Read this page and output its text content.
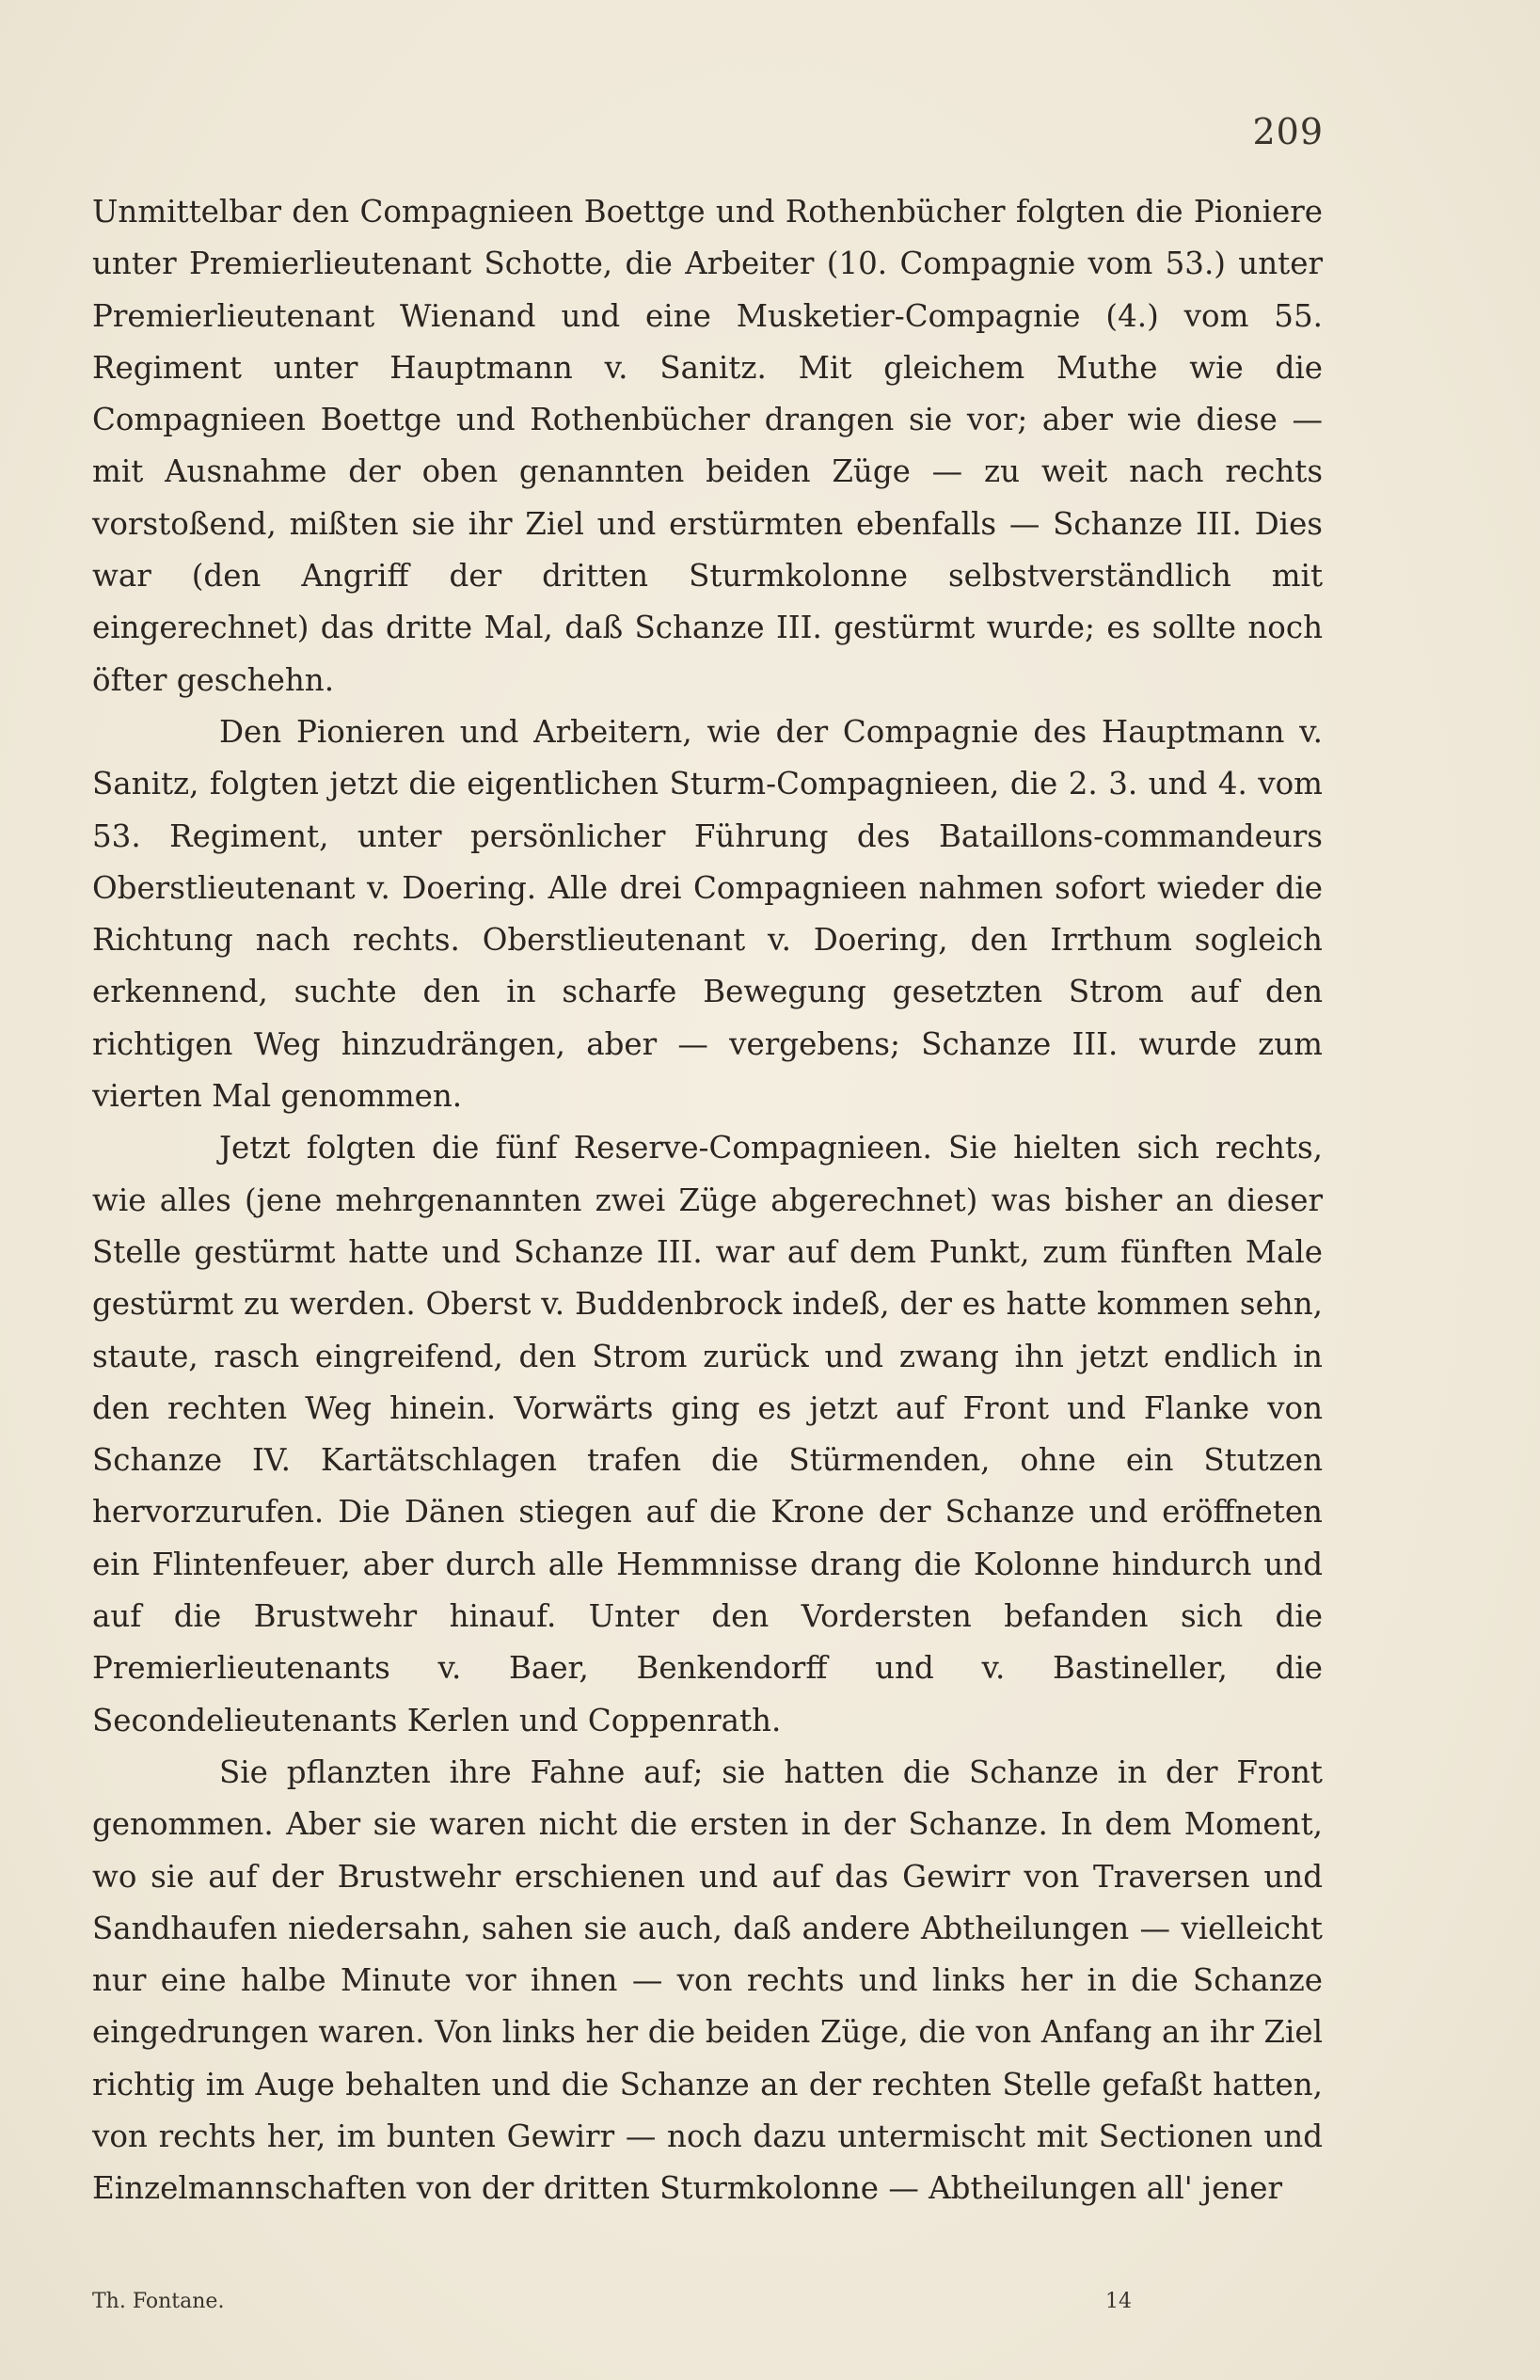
209

Unmittelbar den Compagnieen Boettge und Rothenbücher folgten die Pioniere unter Premierlieutenant Schotte, die Arbeiter (10. Compagnie vom 53.) unter Premierlieutenant Wienand und eine Musketier-Compagnie (4.) vom 55. Regiment unter Hauptmann v. Sanitz. Mit gleichem Muthe wie die Compagnieen Boettge und Rothenbücher drangen sie vor; aber wie diese — mit Ausnahme der oben genannten beiden Züge — zu weit nach rechts vorstoßend, mißten sie ihr Ziel und erstürmten ebenfalls — Schanze III. Dies war (den Angriff der dritten Sturmkolonne selbstverständlich mit eingerechnet) das dritte Mal, daß Schanze III. gestürmt wurde; es sollte noch öfter geschehn.

Den Pionieren und Arbeitern, wie der Compagnie des Hauptmann v. Sanitz, folgten jetzt die eigentlichen Sturm-Compagnieen, die 2. 3. und 4. vom 53. Regiment, unter persönlicher Führung des Bataillons-commandeurs Oberstlieutenant v. Doering. Alle drei Compagnieen nahmen sofort wieder die Richtung nach rechts. Oberstlieutenant v. Doering, den Irrthum sogleich erkennend, suchte den in scharfe Bewegung gesetzten Strom auf den richtigen Weg hinzudrängen, aber — vergebens; Schanze III. wurde zum vierten Mal genommen.

Jetzt folgten die fünf Reserve-Compagnieen. Sie hielten sich rechts, wie alles (jene mehrgenannten zwei Züge abgerechnet) was bisher an dieser Stelle gestürmt hatte und Schanze III. war auf dem Punkt, zum fünften Male gestürmt zu werden. Oberst v. Buddenbrock indeß, der es hatte kommen sehn, staute, rasch eingreifend, den Strom zurück und zwang ihn jetzt endlich in den rechten Weg hinein. Vorwärts ging es jetzt auf Front und Flanke von Schanze IV. Kartätschlagen trafen die Stürmenden, ohne ein Stutzen hervorzurufen. Die Dänen stiegen auf die Krone der Schanze und eröffneten ein Flintenfeuer, aber durch alle Hemmnisse drang die Kolonne hindurch und auf die Brustwehr hinauf. Unter den Vordersten befanden sich die Premierlieutenants v. Baer, Benkendorff und v. Bastineller, die Secondelieutenants Kerlen und Coppenrath.

Sie pflanzten ihre Fahne auf; sie hatten die Schanze in der Front genommen. Aber sie waren nicht die ersten in der Schanze. In dem Moment, wo sie auf der Brustwehr erschienen und auf das Gewirr von Traversen und Sandhaufen niedersahn, sahen sie auch, daß andere Abtheilungen — vielleicht nur eine halbe Minute vor ihnen — von rechts und links her in die Schanze eingedrungen waren. Von links her die beiden Züge, die von Anfang an ihr Ziel richtig im Auge behalten und die Schanze an der rechten Stelle gefaßt hatten, von rechts her, im bunten Gewirr — noch dazu untermischt mit Sectionen und Einzelmannschaften von der dritten Sturmkolonne — Abtheilungen all' jener

Th. Fontane.	14
